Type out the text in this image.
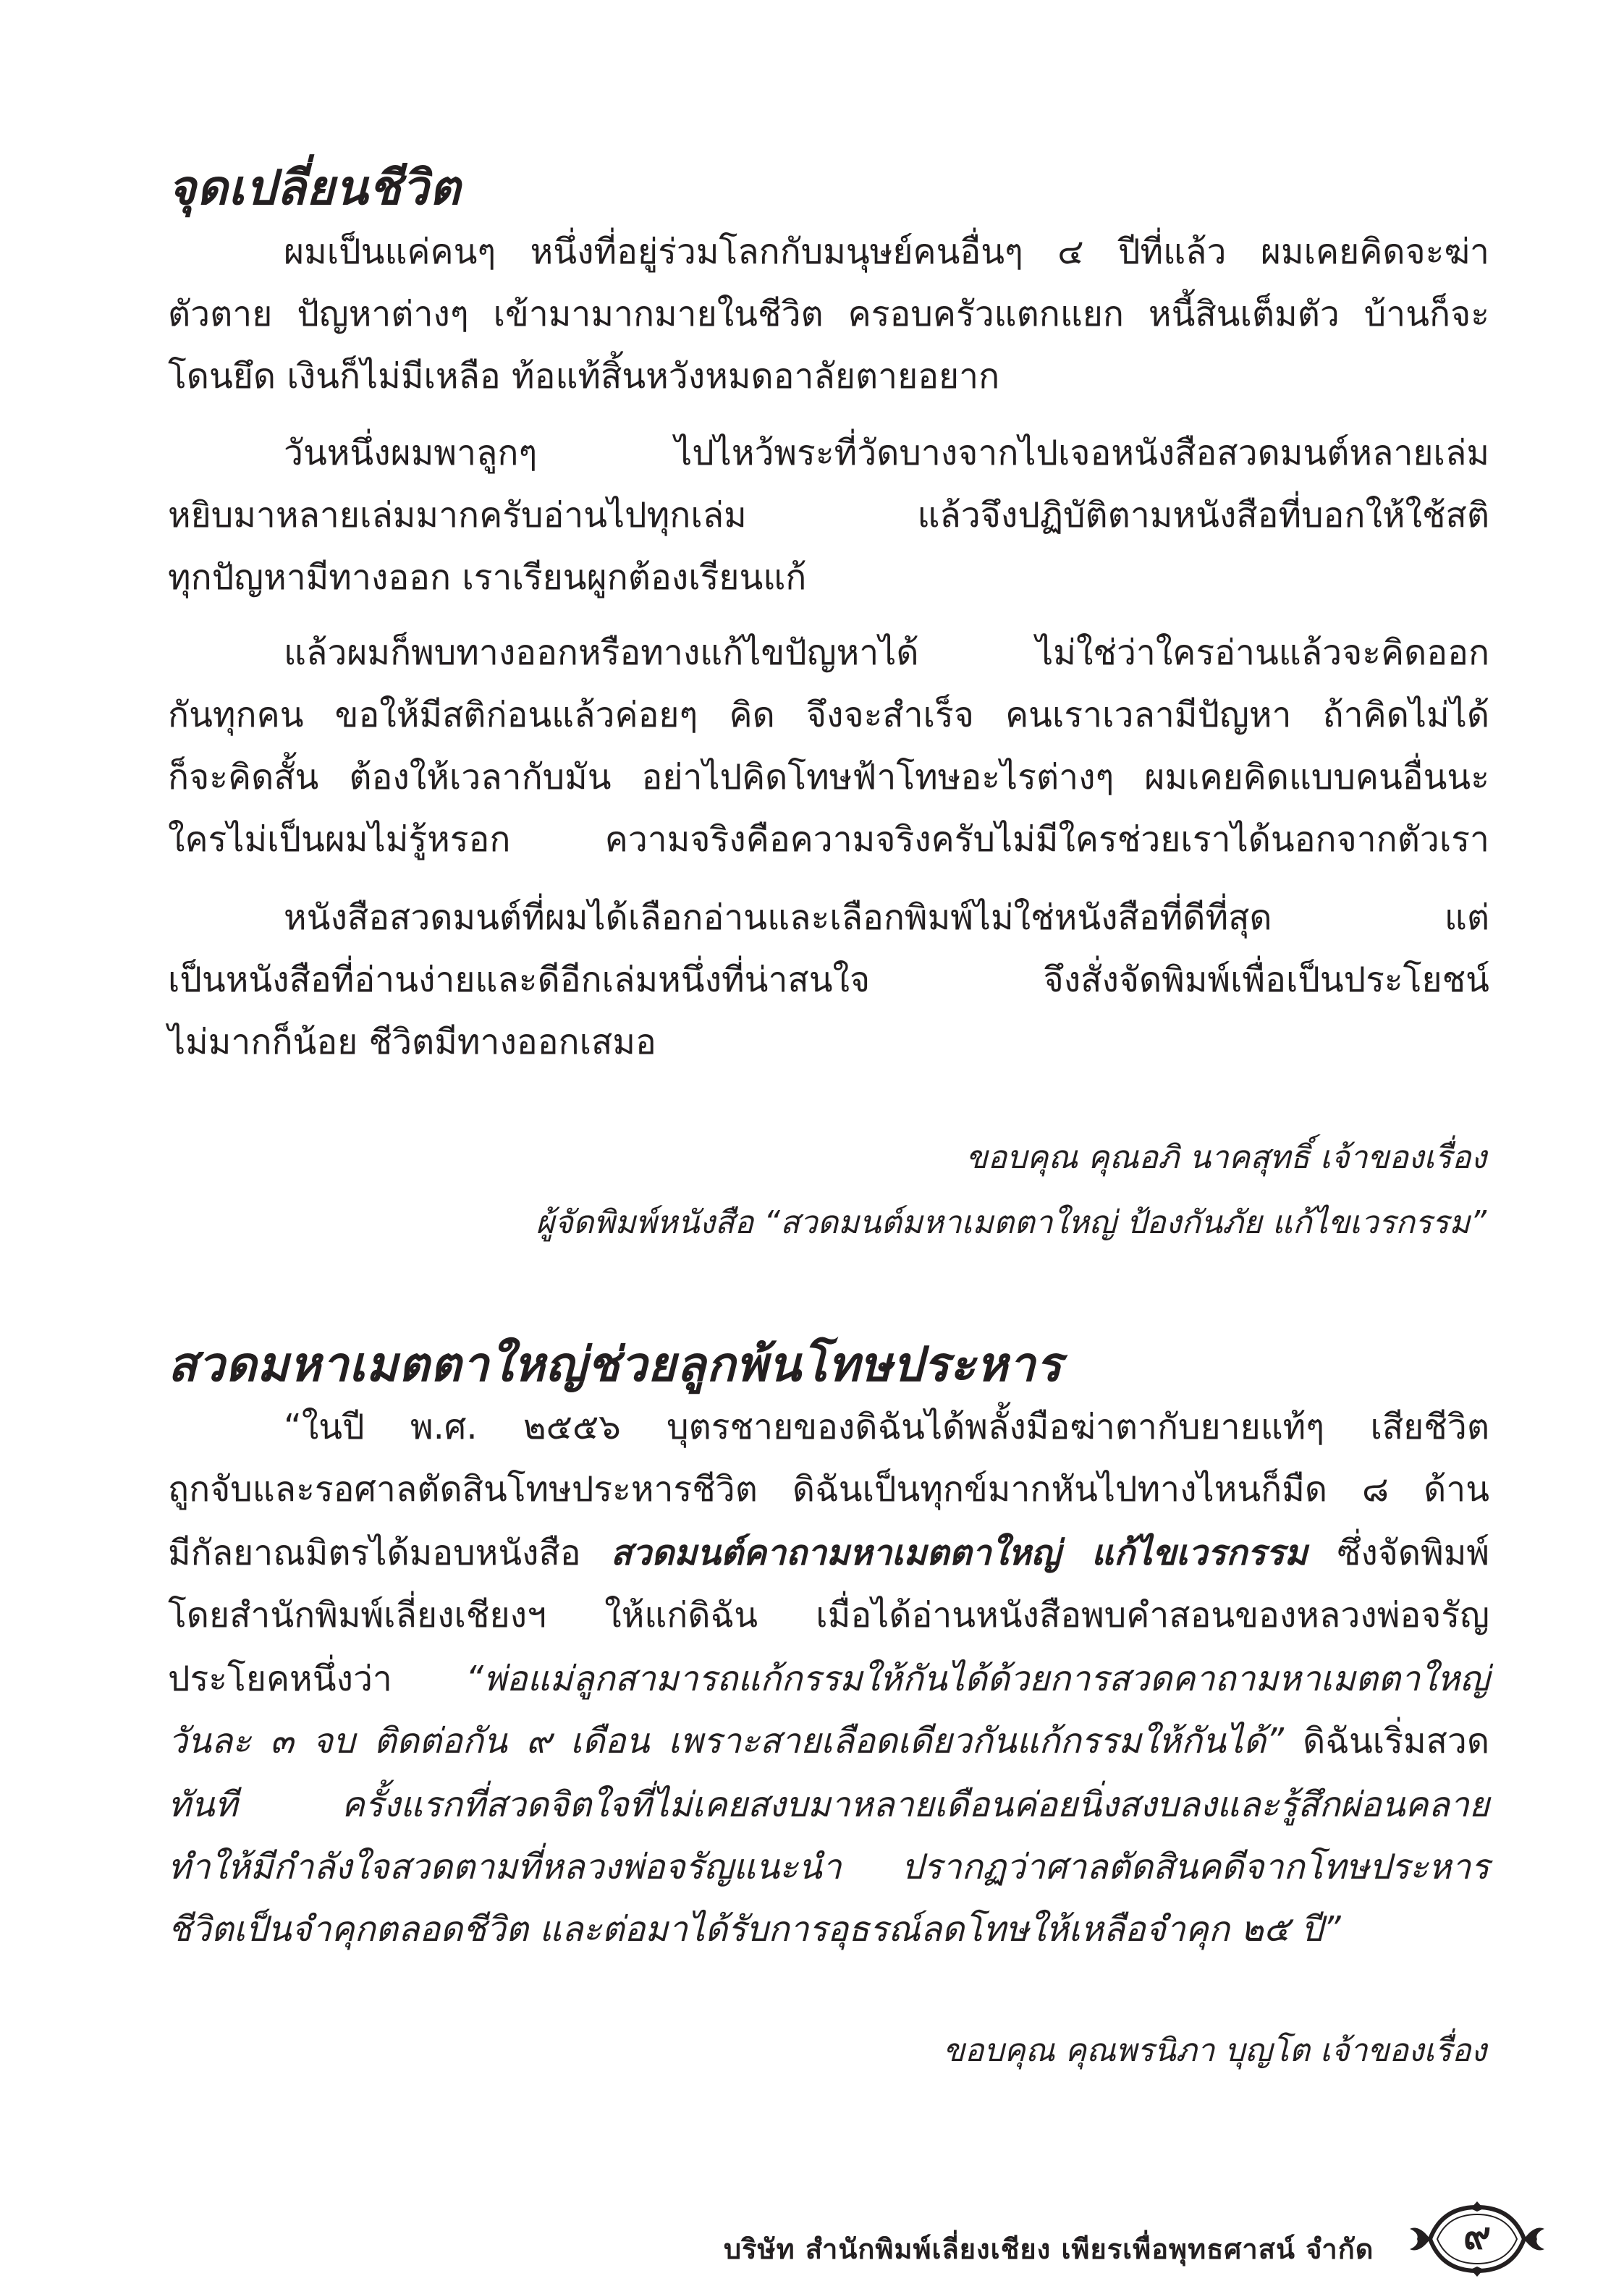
จุดเปลี่ยนชีวิต

ผมเป็นแค่คนๆ หนึ่งที่อยู่ร่วมโลกกับมนุษย์คนอื่นๆ ๔ ปีที่แล้ว ผมเคยคิดจะฆ่า

ตัวตาย ปัญหาต่างๆ เข้ามามากมายในชีวิต ครอบครัวแตกแยก หนี้สินเต็มตัว บ้านก็จะ

โดนยึด เงินก็ไม่มีเหลือ ท้อแท้สิ้นหวังหมดอาลัยตายอยาก

วันหนึ่งผมพาลูกๆ ไปไหว้พระที่วัดบางจากไปเจอหนังสือสวดมนต์หลายเล่ม

หยิบมาหลายเล่มมากครับอ่านไปทุกเล่ม แล้วจึงปฏิบัติตามหนังสือที่บอกให้ใช้สติ

ทุกปัญหามีทางออก เราเรียนผูกต้องเรียนแก้

แล้วผมก็พบทางออกหรือทางแก้ไขปัญหาได้ ไม่ใช่ว่าใครอ่านแล้วจะคิดออก

กันทุกคน ขอให้มีสติก่อนแล้วค่อยๆ คิด จึงจะสำเร็จ คนเราเวลามีปัญหา ถ้าคิดไม่ได้

ก็จะคิดสั้น ต้องให้เวลากับมัน อย่าไปคิดโทษฟ้าโทษอะไรต่างๆ ผมเคยคิดแบบคนอื่นนะ

ใครไม่เป็นผมไม่รู้หรอก ความจริงคือความจริงครับไม่มีใครช่วยเราได้นอกจากตัวเรา

หนังสือสวดมนต์ที่ผมได้เลือกอ่านและเลือกพิมพ์ไม่ใช่หนังสือที่ดีที่สุด แต่

เป็นหนังสือที่อ่านง่ายและดีอีกเล่มหนึ่งที่น่าสนใจ จึงสั่งจัดพิมพ์เพื่อเป็นประโยชน์

ไม่มากก็น้อย ชีวิตมีทางออกเสมอ

ขอบคุณ คุณอภิ นาคสุทธิ์ เจ้าของเรื่อง

ผู้จัดพิมพ์หนังสือ “สวดมนต์มหาเมตตาใหญ่ ป้องกันภัย แก้ไขเวรกรรม”

สวดมหาเมตตาใหญ่ช่วยลูกพ้นโทษประหาร

“ในปี พ.ศ. ๒๕๕๖ บุตรชายของดิฉันได้พลั้งมือฆ่าตากับยายแท้ๆ เสียชีวิต

ถูกจับและรอศาลตัดสินโทษประหารชีวิต ดิฉันเป็นทุกข์มากหันไปทางไหนก็มืด ๘ ด้าน

มีกัลยาณมิตรได้มอบหนังสือ สวดมนต์คาถามหาเมตตาใหญ่ แก้ไขเวรกรรม ซึ่งจัดพิมพ์

โดยสำนักพิมพ์เลี่ยงเชียงฯ ให้แก่ดิฉัน เมื่อได้อ่านหนังสือพบคำสอนของหลวงพ่อจรัญ

ประโยคหนึ่งว่า “พ่อแม่ลูกสามารถแก้กรรมให้กันได้ด้วยการสวดคาถามหาเมตตาใหญ่

วันละ ๓ จบ ติดต่อกัน ๙ เดือน เพราะสายเลือดเดียวกันแก้กรรมให้กันได้” ดิฉันเริ่มสวด

ทันที ครั้งแรกที่สวดจิตใจที่ไม่เคยสงบมาหลายเดือนค่อยนิ่งสงบลงและรู้สึกผ่อนคลาย

ทำให้มีกำลังใจสวดตามที่หลวงพ่อจรัญแนะนำ ปรากฏว่าศาลตัดสินคดีจากโทษประหาร

ชีวิตเป็นจำคุกตลอดชีวิต และต่อมาได้รับการอุธรณ์ลดโทษให้เหลือจำคุก ๒๕ ปี”

ขอบคุณ คุณพรนิภา บุญโต เจ้าของเรื่อง

บริษัท สำนักพิมพ์เลี่ยงเชียง เพียรเพื่อพุทธศาสน์ จำกัด	๙
